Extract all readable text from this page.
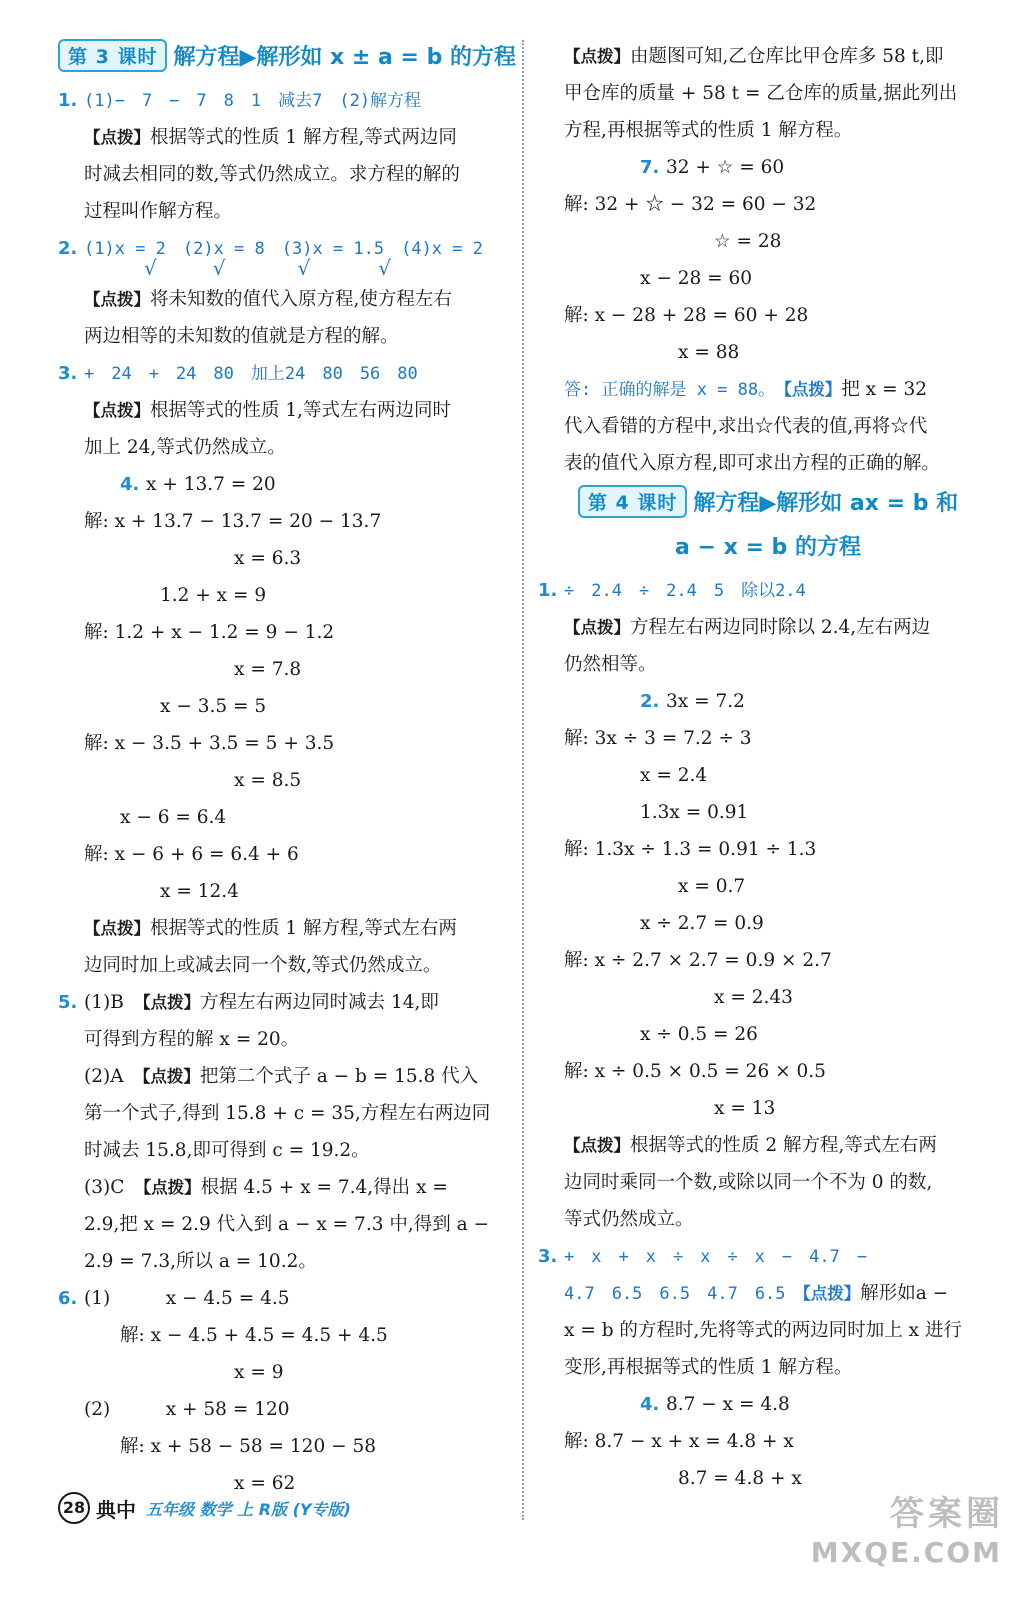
第 3 课时 解方程▶解形如 x ± a = b 的方程
1. (1)−　7　−　7　8　1　减去7　(2)解方程
【点拨】根据等式的性质 1 解方程,等式两边同
时减去相同的数,等式仍然成立。求方程的解的
过程叫作解方程。
2. (1)x = 2　(2)x = 8　(3)x = 1.5　(4)x = 2
√	√	√	√
【点拨】将未知数的值代入原方程,使方程左右
两边相等的未知数的值就是方程的解。
3. +　24　+　24　80　加上24　80　56　80
【点拨】根据等式的性质 1,等式左右两边同时
加上 24,等式仍然成立。
4. x + 13.7 = 20
解: x + 13.7 − 13.7 = 20 − 13.7
x = 6.3
1.2 + x = 9
解: 1.2 + x − 1.2 = 9 − 1.2
x = 7.8
x − 3.5 = 5
解: x − 3.5 + 3.5 = 5 + 3.5
x = 8.5
x − 6 = 6.4
解: x − 6 + 6 = 6.4 + 6
x = 12.4
【点拨】根据等式的性质 1 解方程,等式左右两
边同时加上或减去同一个数,等式仍然成立。
5. (1)B　【点拨】方程左右两边同时减去 14,即
可得到方程的解 x = 20。
(2)A　【点拨】把第二个式子 a − b = 15.8 代入
第一个式子,得到 15.8 + c = 35,方程左右两边同
时减去 15.8,即可得到 c = 19.2。
(3)C　【点拨】根据 4.5 + x = 7.4,得出 x =
2.9,把 x = 2.9 代入到 a − x = 7.3 中,得到 a −
2.9 = 7.3,所以 a = 10.2。
6. (1)　　　x − 4.5 = 4.5
解: x − 4.5 + 4.5 = 4.5 + 4.5
x = 9
(2)　　　x + 58 = 120
解: x + 58 − 58 = 120 − 58
x = 62
【点拨】由题图可知,乙仓库比甲仓库多 58 t,即
甲仓库的质量 + 58 t = 乙仓库的质量,据此列出
方程,再根据等式的性质 1 解方程。
7. 32 + ☆ = 60
解: 32 + ☆ − 32 = 60 − 32
☆ = 28
x − 28 = 60
解: x − 28 + 28 = 60 + 28
x = 88
答: 正确的解是 x = 88。　【点拨】把 x = 32
代入看错的方程中,求出☆代表的值,再将☆代
表的值代入原方程,即可求出方程的正确的解。
第 4 课时 解方程▶解形如 ax = b 和
a − x = b 的方程
1. ÷　2.4　÷　2.4　5　除以2.4
【点拨】方程左右两边同时除以 2.4,左右两边
仍然相等。
2. 3x = 7.2
解: 3x ÷ 3 = 7.2 ÷ 3
x = 2.4
1.3x = 0.91
解: 1.3x ÷ 1.3 = 0.91 ÷ 1.3
x = 0.7
x ÷ 2.7 = 0.9
解: x ÷ 2.7 × 2.7 = 0.9 × 2.7
x = 2.43
x ÷ 0.5 = 26
解: x ÷ 0.5 × 0.5 = 26 × 0.5
x = 13
【点拨】根据等式的性质 2 解方程,等式左右两
边同时乘同一个数,或除以同一个不为 0 的数,
等式仍然成立。
3. +　x　+　x　÷　x　÷　x　−　4.7　−
4.7　6.5　6.5　4.7　6.5　【点拨】解形如a −
x = b 的方程时,先将等式的两边同时加上 x 进行
变形,再根据等式的性质 1 解方程。
4. 8.7 − x = 4.8
解: 8.7 − x + x = 4.8 + x
8.7 = 4.8 + x
28 典中 五年级 数学 上 R版 (Y专版)	答案圈
MXQE.COM
